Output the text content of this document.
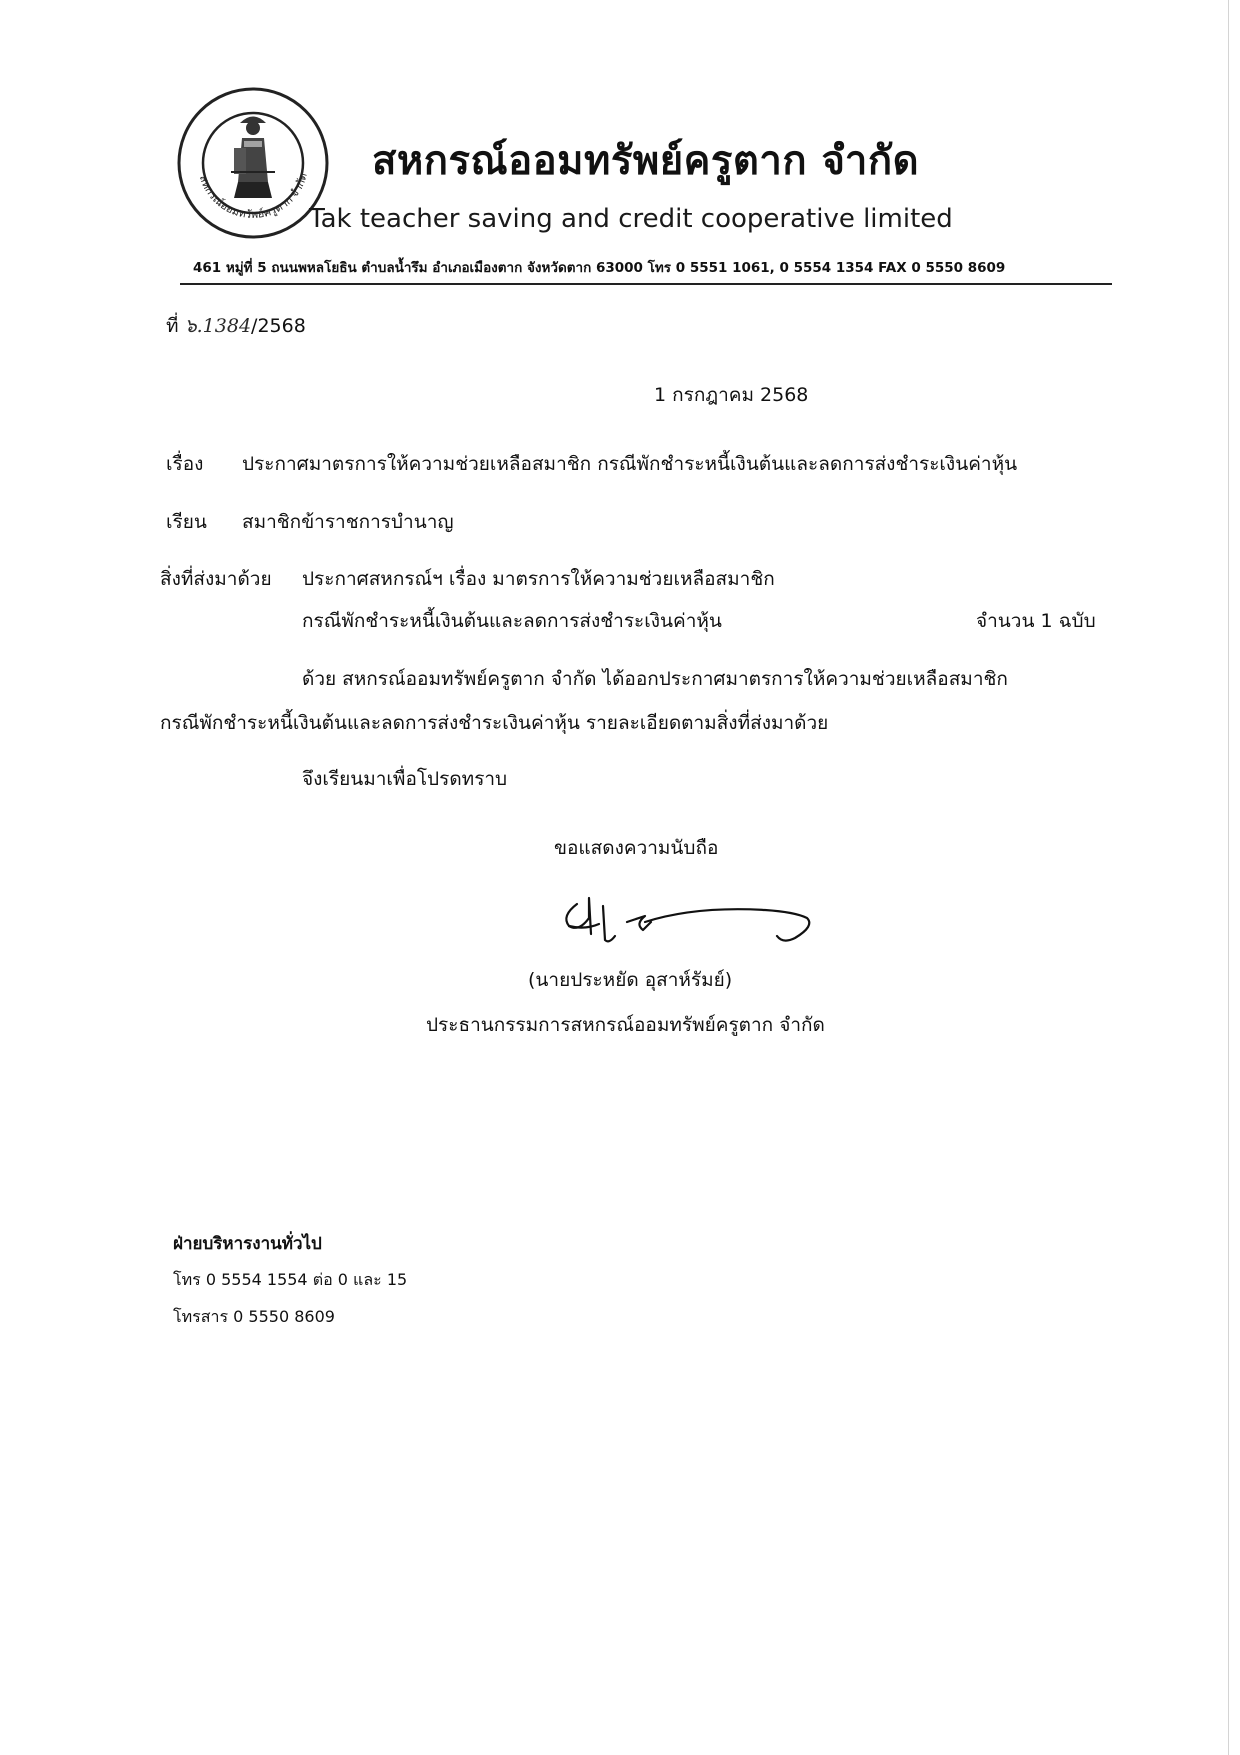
สหกรณ์ออมทรัพย์ครูตาก จำกัด สหกรณ์ออมทรัพย์ครูตาก จำกัด
Tak teacher saving and credit cooperative limited
461 หมู่ที่ 5 ถนนพหลโยธิน ตำบลน้ำรึม อำเภอเมืองตาก จังหวัดตาก 63000 โทร 0 5551 1061, 0 5554 1354 FAX 0 5550 8609
ที่ ๖.1384/2568
1 กรกฎาคม 2568
เรื่อง ประกาศมาตรการให้ความช่วยเหลือสมาชิก กรณีพักชำระหนี้เงินต้นและลดการส่งชำระเงินค่าหุ้น
เรียน สมาชิกข้าราชการบำนาญ
สิ่งที่ส่งมาด้วย ประกาศสหกรณ์ฯ เรื่อง มาตรการให้ความช่วยเหลือสมาชิก
กรณีพักชำระหนี้เงินต้นและลดการส่งชำระเงินค่าหุ้น	จำนวน 1 ฉบับ
ด้วย สหกรณ์ออมทรัพย์ครูตาก จำกัด ได้ออกประกาศมาตรการให้ความช่วยเหลือสมาชิก
กรณีพักชำระหนี้เงินต้นและลดการส่งชำระเงินค่าหุ้น รายละเอียดตามสิ่งที่ส่งมาด้วย
จึงเรียนมาเพื่อโปรดทราบ
ขอแสดงความนับถือ
(นายประหยัด อุสาห์รัมย์)
ประธานกรรมการสหกรณ์ออมทรัพย์ครูตาก จำกัด
ฝ่ายบริหารงานทั่วไป
โทร 0 5554 1554 ต่อ 0 และ 15
โทรสาร 0 5550 8609
